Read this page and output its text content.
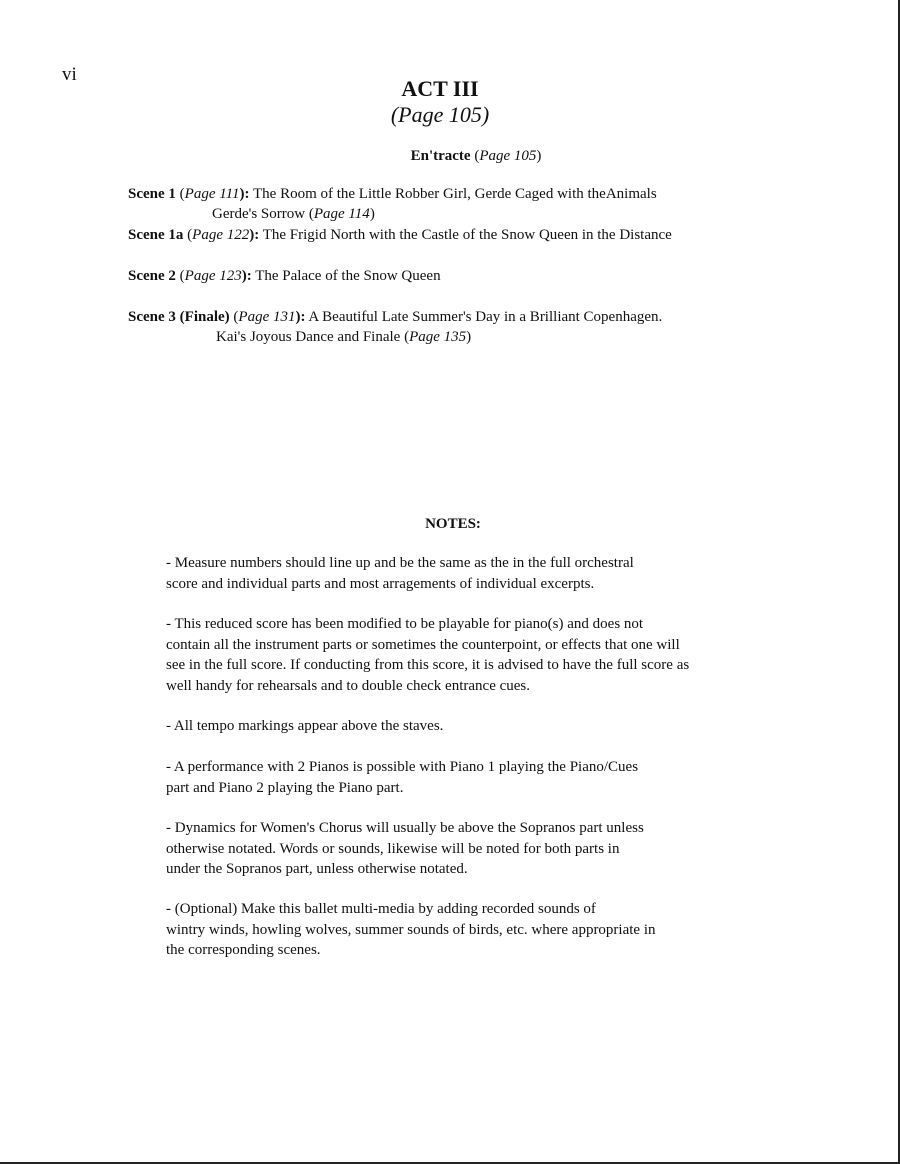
vi
ACT III
(Page 105)
En'tracte (Page 105)
Scene 1 (Page 111): The Room of the Little Robber Girl, Gerde Caged with theAnimals
Gerde's Sorrow (Page 114)
Scene 1a (Page 122): The Frigid North with the Castle of the Snow Queen in the Distance
Scene 2 (Page 123): The Palace of the Snow Queen
Scene 3 (Finale) (Page 131): A Beautiful Late Summer's Day in a Brilliant Copenhagen.
Kai's Joyous Dance and Finale (Page 135)
NOTES:
- Measure numbers should line up and be the same as the in the full orchestral
score and individual parts and most arragements of individual excerpts.
- This reduced score has been modified to be playable for piano(s) and does not
contain all the instrument parts or sometimes the counterpoint, or effects that one will
see in the full score. If conducting from this score, it is advised to have the full score as
well handy for rehearsals and to double check entrance cues.
- All tempo markings appear above the staves.
- A performance with 2 Pianos is possible with Piano 1 playing the Piano/Cues
part and Piano 2 playing the Piano part.
- Dynamics for Women's Chorus will usually be above the Sopranos part unless
otherwise notated. Words or sounds, likewise will be noted for both parts in
under the Sopranos part, unless otherwise notated.
- (Optional) Make this ballet multi-media by adding recorded sounds of
wintry winds, howling wolves, summer sounds of birds, etc. where appropriate in
the corresponding scenes.
